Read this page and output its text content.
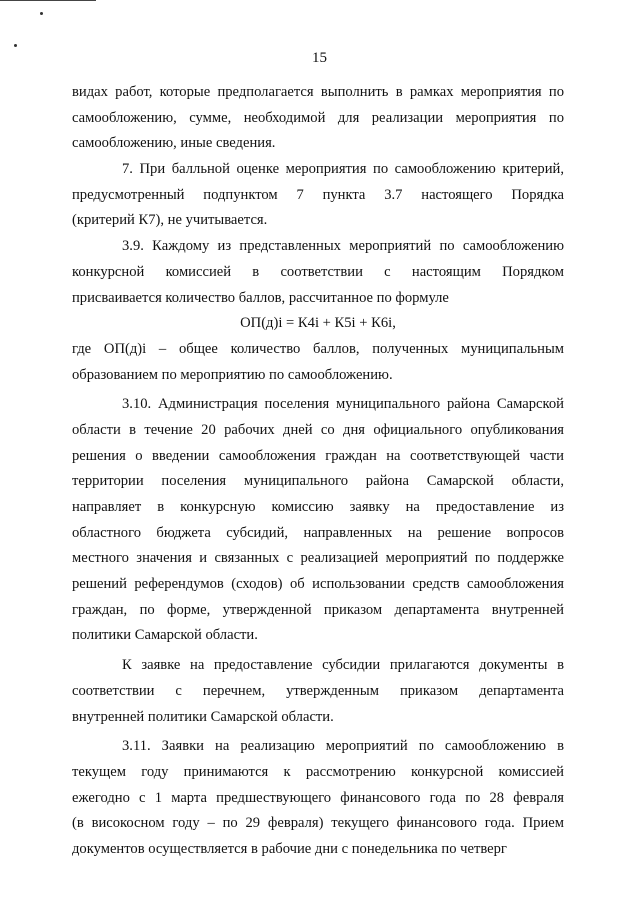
15
видах работ, которые предполагается выполнить в рамках мероприятия по
самообложению, сумме, необходимой для реализации мероприятия по
самообложению, иные сведения.
7. При балльной оценке мероприятия по самообложению критерий,
предусмотренный подпунктом 7 пункта 3.7 настоящего Порядка
(критерий К7), не учитывается.
3.9. Каждому из представленных мероприятий по самообложению
конкурсной комиссией в соответствии с настоящим Порядком
присваивается количество баллов, рассчитанное по формуле
ОП(д)i = К4i + К5i + К6i,
где ОП(д)i – общее количество баллов, полученных муниципальным
образованием по мероприятию по самообложению.
3.10. Администрация поселения муниципального района Самарской
области в течение 20 рабочих дней со дня официального опубликования
решения о введении самообложения граждан на соответствующей части
территории поселения муниципального района Самарской области,
направляет в конкурсную комиссию заявку на предоставление из
областного бюджета субсидий, направленных на решение вопросов
местного значения и связанных с реализацией мероприятий по поддержке
решений референдумов (сходов) об использовании средств самообложения
граждан, по форме, утвержденной приказом департамента внутренней
политики Самарской области.
К заявке на предоставление субсидии прилагаются документы в
соответствии с перечнем, утвержденным приказом департамента
внутренней политики Самарской области.
3.11. Заявки на реализацию мероприятий по самообложению в
текущем году принимаются к рассмотрению конкурсной комиссией
ежегодно с 1 марта предшествующего финансового года по 28 февраля
(в високосном году – по 29 февраля) текущего финансового года. Прием
документов осуществляется в рабочие дни с понедельника по четверг
